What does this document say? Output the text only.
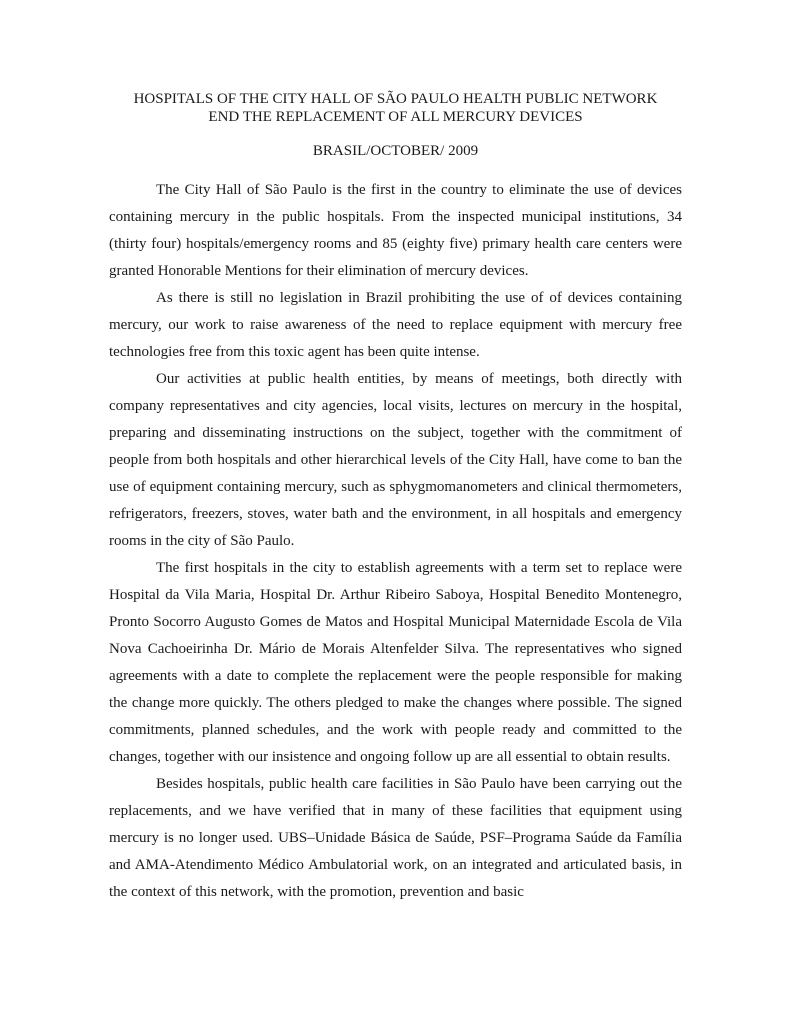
HOSPITALS OF THE CITY HALL OF SÃO PAULO HEALTH PUBLIC NETWORK

END THE REPLACEMENT OF ALL MERCURY DEVICES

BRASIL/OCTOBER/ 2009

The City Hall of São Paulo is the first in the country to eliminate the use of devices containing mercury in the public hospitals. From the inspected municipal institutions, 34 (thirty four) hospitals/emergency rooms and 85 (eighty five) primary health care centers were granted Honorable Mentions for their elimination of mercury devices.

As there is still no legislation in Brazil prohibiting the use of of devices containing mercury, our work to raise awareness of the need to replace equipment with mercury free technologies free from this toxic agent has been quite intense.

Our activities at public health entities, by means of meetings, both directly with company representatives and city agencies, local visits, lectures on mercury in the hospital, preparing and disseminating instructions on the subject, together with the commitment of people from both hospitals and other hierarchical levels of the City Hall, have come to ban the use of equipment containing mercury, such as sphygmomanometers and clinical thermometers, refrigerators, freezers, stoves, water bath and the environment, in all hospitals and emergency rooms in the city of São Paulo.

The first hospitals in the city to establish agreements with a term set to replace were Hospital da Vila Maria, Hospital Dr. Arthur Ribeiro Saboya, Hospital Benedito Montenegro, Pronto Socorro Augusto Gomes de Matos and Hospital Municipal Maternidade Escola de Vila Nova Cachoeirinha Dr. Mário de Morais Altenfelder Silva. The representatives who signed agreements with a date to complete the replacement were the people responsible for making the change more quickly. The others pledged to make the changes where possible. The signed commitments, planned schedules, and the work with people ready and committed to the changes, together with our insistence and ongoing follow up are all essential to obtain results.

Besides hospitals, public health care facilities in São Paulo have been carrying out the replacements, and we have verified that in many of these facilities that equipment using mercury is no longer used. UBS–Unidade Básica de Saúde, PSF–Programa Saúde da Família and AMA-Atendimento Médico Ambulatorial work, on an integrated and articulated basis, in the context of this network, with the promotion, prevention and basic
